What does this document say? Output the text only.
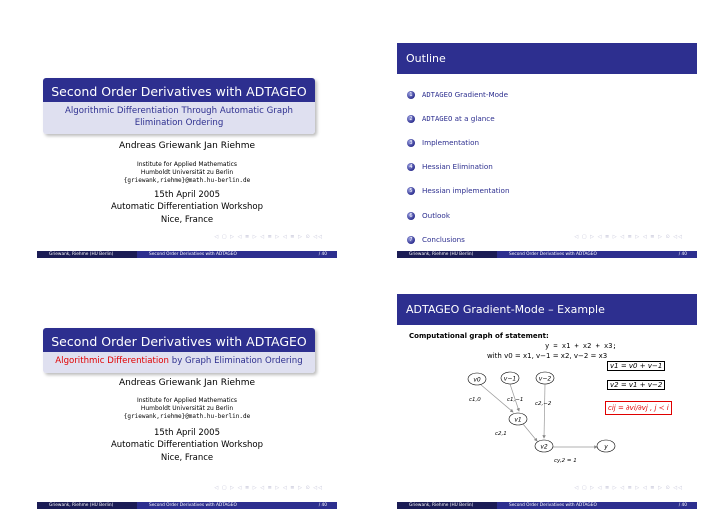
Second Order Derivatives with ADTAGEO
Algorithmic Differentiation Through Automatic Graph Elimination Ordering
Andreas Griewank Jan Riehme
Institute for Applied Mathematics
Humboldt Universität zu Berlin
{griewank,riehme}@math.hu-berlin.de
15th April 2005
Automatic Differentiation Workshop
Nice, France
◁ ▢ ▷ ◁ ≣ ▷ ◁ ≣ ▷ ◁ ≣ ▷ ⊙ ◁◁
Griewank, Riehme (HU Berlin)	Second Order Derivatives with ADTAGEO	/ 40
Outline
1	ADTAGEO Gradient-Mode
2	ADTAGEO at a glance
3	Implementation
4	Hessian Elimination
5	Hessian implementation
6	Outlook
7	Conclusions	◁ ▢ ▷ ◁ ≣ ▷ ◁ ≣ ▷ ◁ ≣ ▷ ⊙ ◁◁
Griewank, Riehme (HU Berlin)	Second Order Derivatives with ADTAGEO	/ 40
Second Order Derivatives with ADTAGEO
Algorithmic Differentiation by Graph Elimination Ordering
Andreas Griewank Jan Riehme
Institute for Applied Mathematics
Humboldt Universität zu Berlin
{griewank,riehme}@math.hu-berlin.de
15th April 2005
Automatic Differentiation Workshop
Nice, France
◁ ▢ ▷ ◁ ≣ ▷ ◁ ≣ ▷ ◁ ≣ ▷ ⊙ ◁◁
Griewank, Riehme (HU Berlin)	Second Order Derivatives with ADTAGEO	/ 40
ADTAGEO Gradient-Mode – Example
Computational graph of statement:
y = x1 + x2 + x3;
with v0 = x1, v−1 = x2, v−2 = x3
v1 = v0 + v−1
v2 = v1 + v−2
cij = ∂vi/∂vj , j ≺ i
v0	v−1	v−2
v1
v2	y
c1,0	c1,−1
c2,−2
c2,1
cy,2 = 1
◁ ▢ ▷ ◁ ≣ ▷ ◁ ≣ ▷ ◁ ≣ ▷ ⊙ ◁◁
Griewank, Riehme (HU Berlin)	Second Order Derivatives with ADTAGEO	/ 40
